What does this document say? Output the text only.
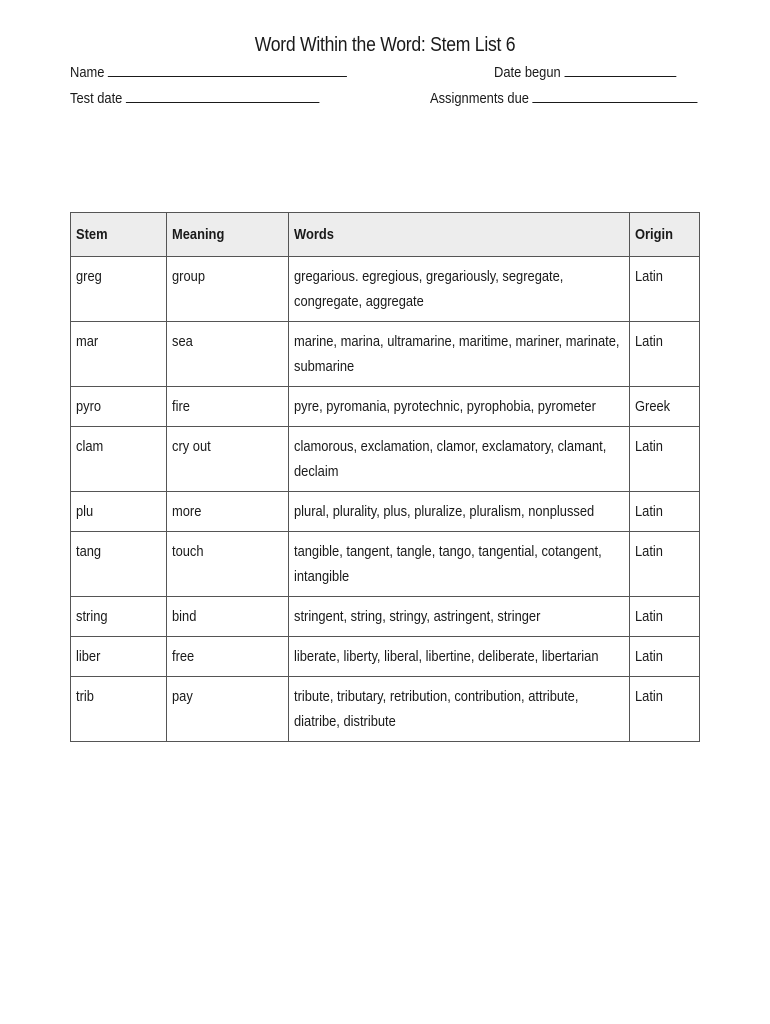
Word Within the Word: Stem List 6
Name	Date begun
Test date	Assignments due
Stem	Meaning	Words	Origin
greg	group	gregarious. egregious, gregariously, segregate, congregate, aggregate	Latin
mar	sea	marine, marina, ultramarine, maritime, mariner, marinate, submarine	Latin
pyro	fire	pyre, pyromania, pyrotechnic, pyrophobia, pyrometer	Greek
clam	cry out	clamorous, exclamation, clamor, exclamatory, clamant, declaim	Latin
plu	more	plural, plurality, plus, pluralize, pluralism, nonplussed	Latin
tang	touch	tangible, tangent, tangle, tango, tangential, cotangent, intangible	Latin
string	bind	stringent, string, stringy, astringent, stringer	Latin
liber	free	liberate, liberty, liberal, libertine, deliberate, libertarian	Latin
trib	pay	tribute, tributary, retribution, contribution, attribute, diatribe, distribute	Latin
